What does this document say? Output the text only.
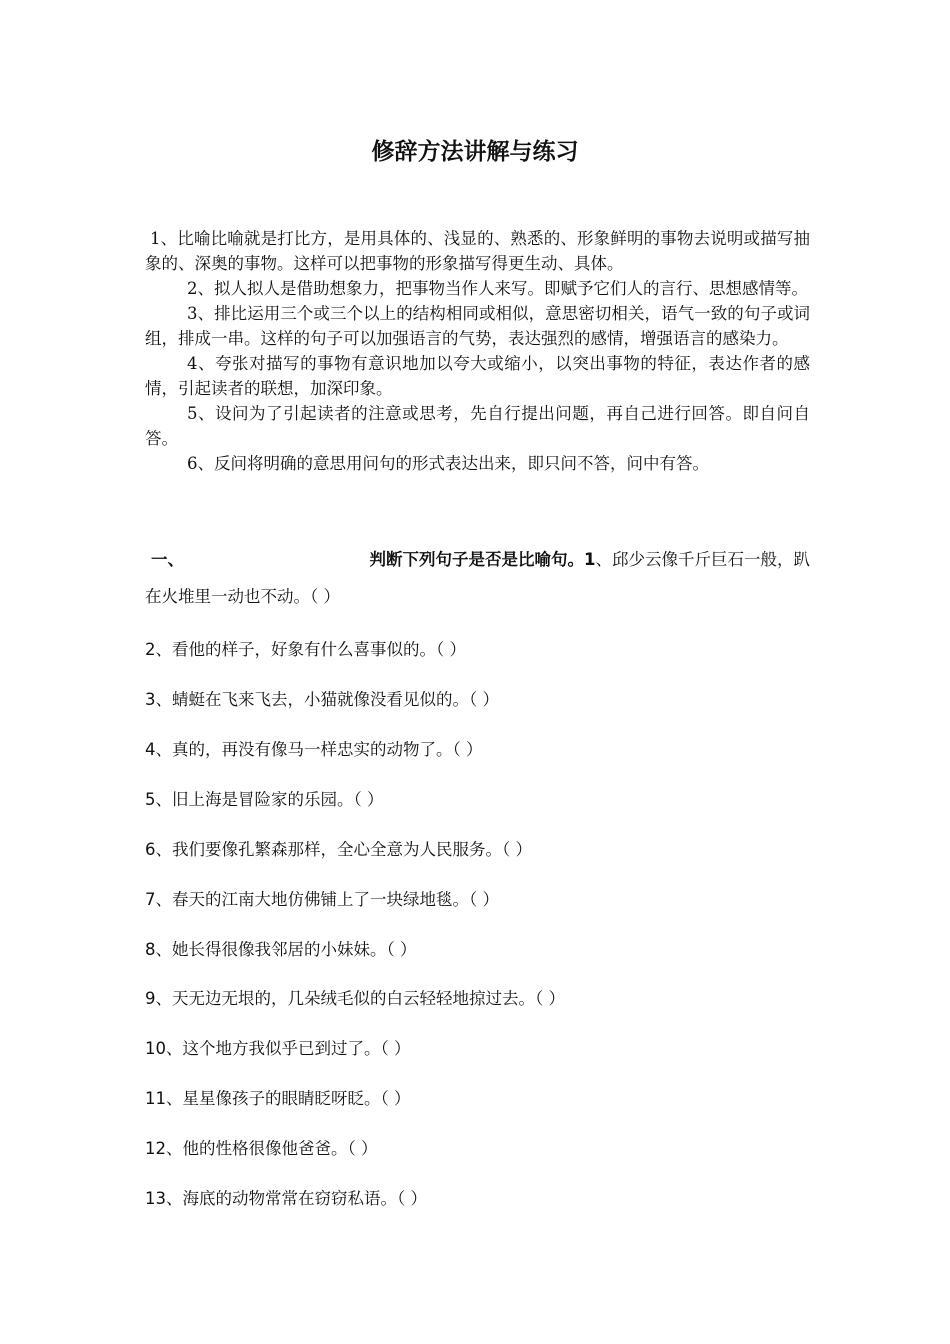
修辞方法讲解与练习

1、比喻比喻就是打比方，是用具体的、浅显的、熟悉的、形象鲜明的事物去说明或描写抽象的、深奥的事物。这样可以把事物的形象描写得更生动、具体。

2、拟人拟人是借助想象力，把事物当作人来写。即赋予它们人的言行、思想感情等。

3、排比运用三个或三个以上的结构相同或相似，意思密切相关，语气一致的句子或词组，排成一串。这样的句子可以加强语言的气势，表达强烈的感情，增强语言的感染力。

4、夸张对描写的事物有意识地加以夸大或缩小，以突出事物的特征，表达作者的感情，引起读者的联想，加深印象。

5、设问为了引起读者的注意或思考，先自行提出问题，再自己进行回答。即自问自答。

6、反问将明确的意思用问句的形式表达出来，即只问不答，问中有答。

一、	判断下列句子是否是比喻句。1、邱少云像千斤巨石一般，趴
在火堆里一动也不动。（ ）
2、看他的样子，好象有什么喜事似的。（ ）
3、蜻蜓在飞来飞去，小猫就像没看见似的。（ ）
4、真的，再没有像马一样忠实的动物了。（ ）
5、旧上海是冒险家的乐园。（ ）
6、我们要像孔繁森那样，全心全意为人民服务。（ ）
7、春天的江南大地仿佛铺上了一块绿地毯。（ ）
8、她长得很像我邻居的小妹妹。（ ）
9、天无边无垠的，几朵绒毛似的白云轻轻地掠过去。（ ）
10、这个地方我似乎已到过了。（ ）
11、星星像孩子的眼睛眨呀眨。（ ）
12、他的性格很像他爸爸。（ ）
13、海底的动物常常在窃窃私语。（ ）
